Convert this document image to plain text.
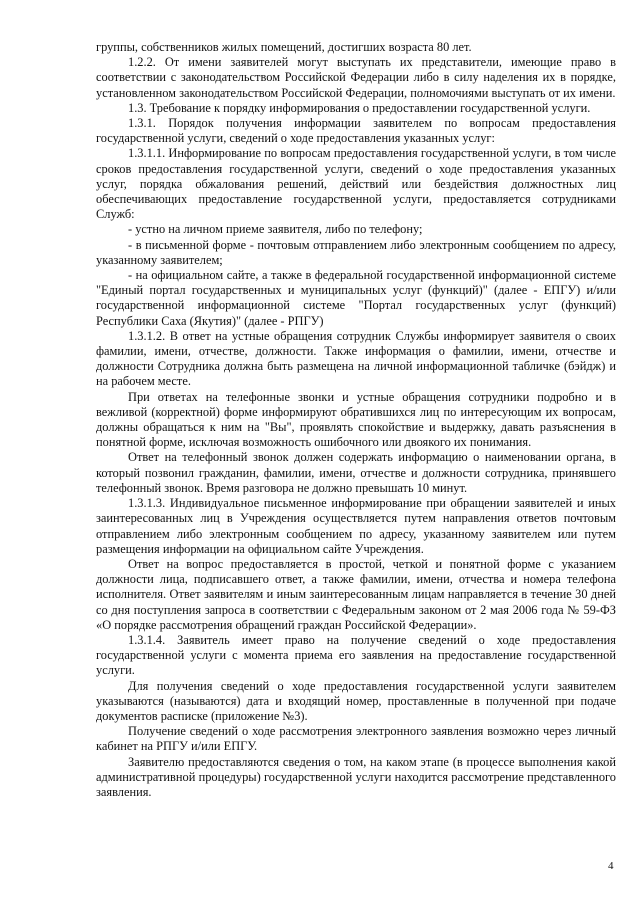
группы, собственников жилых помещений, достигших возраста 80 лет.

1.2.2. От имени заявителей могут выступать их представители, имеющие право в соответствии с законодательством Российской Федерации либо в силу наделения их в порядке, установленном законодательством Российской Федерации, полномочиями выступать от их имени.

1.3. Требование к порядку информирования о предоставлении государственной услуги.

1.3.1. Порядок получения информации заявителем по вопросам предоставления государственной услуги, сведений о ходе предоставления указанных услуг:

1.3.1.1. Информирование по вопросам предоставления государственной услуги, в том числе сроков предоставления государственной услуги, сведений о ходе предоставления указанных услуг, порядка обжалования решений, действий или бездействия должностных лиц обеспечивающих предоставление государственной услуги, предоставляется сотрудниками Служб:

- устно на личном приеме заявителя, либо по телефону;

- в письменной форме - почтовым отправлением либо электронным сообщением по адресу, указанному заявителем;

- на официальном сайте, а также в федеральной государственной информационной системе "Единый портал государственных и муниципальных услуг (функций)" (далее - ЕПГУ) и/или государственной информационной системе "Портал государственных услуг (функций) Республики Саха (Якутия)" (далее - РПГУ)

1.3.1.2. В ответ на устные обращения сотрудник Службы информирует заявителя о своих фамилии, имени, отчестве, должности. Также информация о фамилии, имени, отчестве и должности Сотрудника должна быть размещена на личной информационной табличке (бэйдж) и на рабочем месте.

При ответах на телефонные звонки и устные обращения сотрудники подробно и в вежливой (корректной) форме информируют обратившихся лиц по интересующим их вопросам, должны обращаться к ним на "Вы", проявлять спокойствие и выдержку, давать разъяснения в понятной форме, исключая возможность ошибочного или двоякого их понимания.

Ответ на телефонный звонок должен содержать информацию о наименовании органа, в который позвонил гражданин, фамилии, имени, отчестве и должности сотрудника, принявшего телефонный звонок. Время разговора не должно превышать 10 минут.

1.3.1.3. Индивидуальное письменное информирование при обращении заявителей и иных заинтересованных лиц в Учреждения осуществляется путем направления ответов почтовым отправлением либо электронным сообщением по адресу, указанному заявителем или путем размещения информации на официальном сайте Учреждения.

Ответ на вопрос предоставляется в простой, четкой и понятной форме с указанием должности лица, подписавшего ответ, а также фамилии, имени, отчества и номера телефона исполнителя. Ответ заявителям и иным заинтересованным лицам направляется в течение 30 дней со дня поступления запроса в соответствии с Федеральным законом от 2 мая 2006 года № 59-ФЗ «О порядке рассмотрения обращений граждан Российской Федерации».

1.3.1.4. Заявитель имеет право на получение сведений о ходе предоставления государственной услуги с момента приема его заявления на предоставление государственной услуги.

Для получения сведений о ходе предоставления государственной услуги заявителем указываются (называются) дата и входящий номер, проставленные в полученной при подаче документов расписке (приложение №3).

Получение сведений о ходе рассмотрения электронного заявления возможно через личный кабинет на РПГУ и/или ЕПГУ.

Заявителю предоставляются сведения о том, на каком этапе (в процессе выполнения какой административной процедуры) государственной услуги находится рассмотрение представленного заявления.

4
